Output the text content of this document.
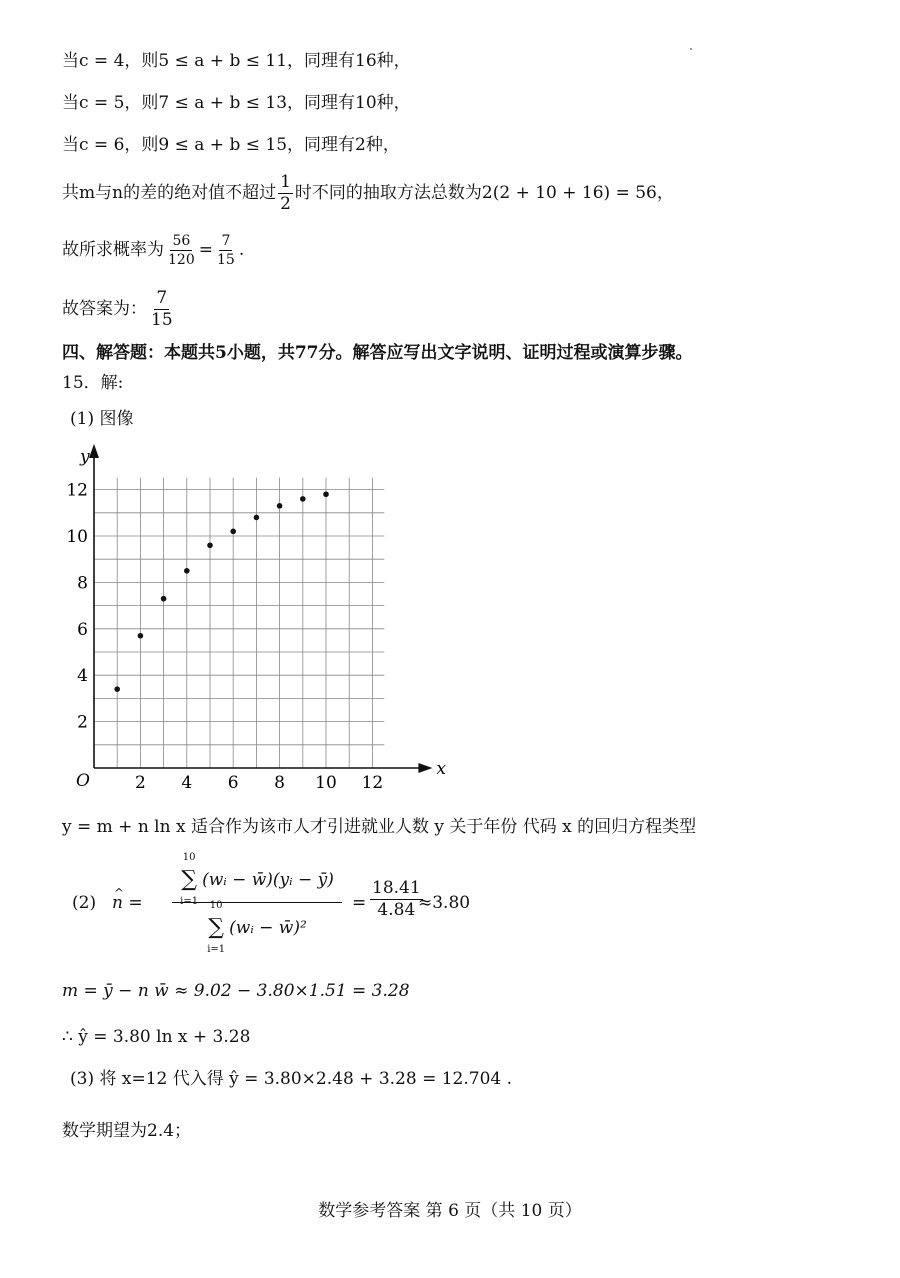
当c = 4，则5 ≤ a + b ≤ 11，同理有16种，
当c = 5，则7 ≤ a + b ≤ 13，同理有10种，
当c = 6，则9 ≤ a + b ≤ 15，同理有2种，
共m与n的差的绝对值不超过 $\frac{1}{2}$ 时不同的抽取方法总数为2(2 + 10 + 16) = 56，
故所求概率为 $\frac{56}{120} = \frac{7}{15}$ .
故答案为： $\frac{7}{15}$
四、解答题：本题共5小题，共77分。解答应写出文字说明、证明过程或演算步骤。
15．解:
(1) 图像
x
y
O	2 4 6 8 10 12
2
4
6
8
10
12
y = m + n ln x 适合作为该市人才引进就业人数 y 关于年份 代码 x 的回归方程类型
(2) ^ n =
10
∑
i=1
(wᵢ − w̄)(yᵢ − ȳ)
10
∑
i=1
(wᵢ − w̄)²
= $\frac{18.41}{4.84}$
≈3.80
m = ȳ − n w̄ ≈ 9.02 − 3.80×1.51 = 3.28
∴ ŷ = 3.80 ln x + 3.28
(3) 将 x=12 代入得 ŷ = 3.80×2.48 + 3.28 = 12.704 .
数学期望为2.4；
数学参考答案 第 6 页（共 10 页）
